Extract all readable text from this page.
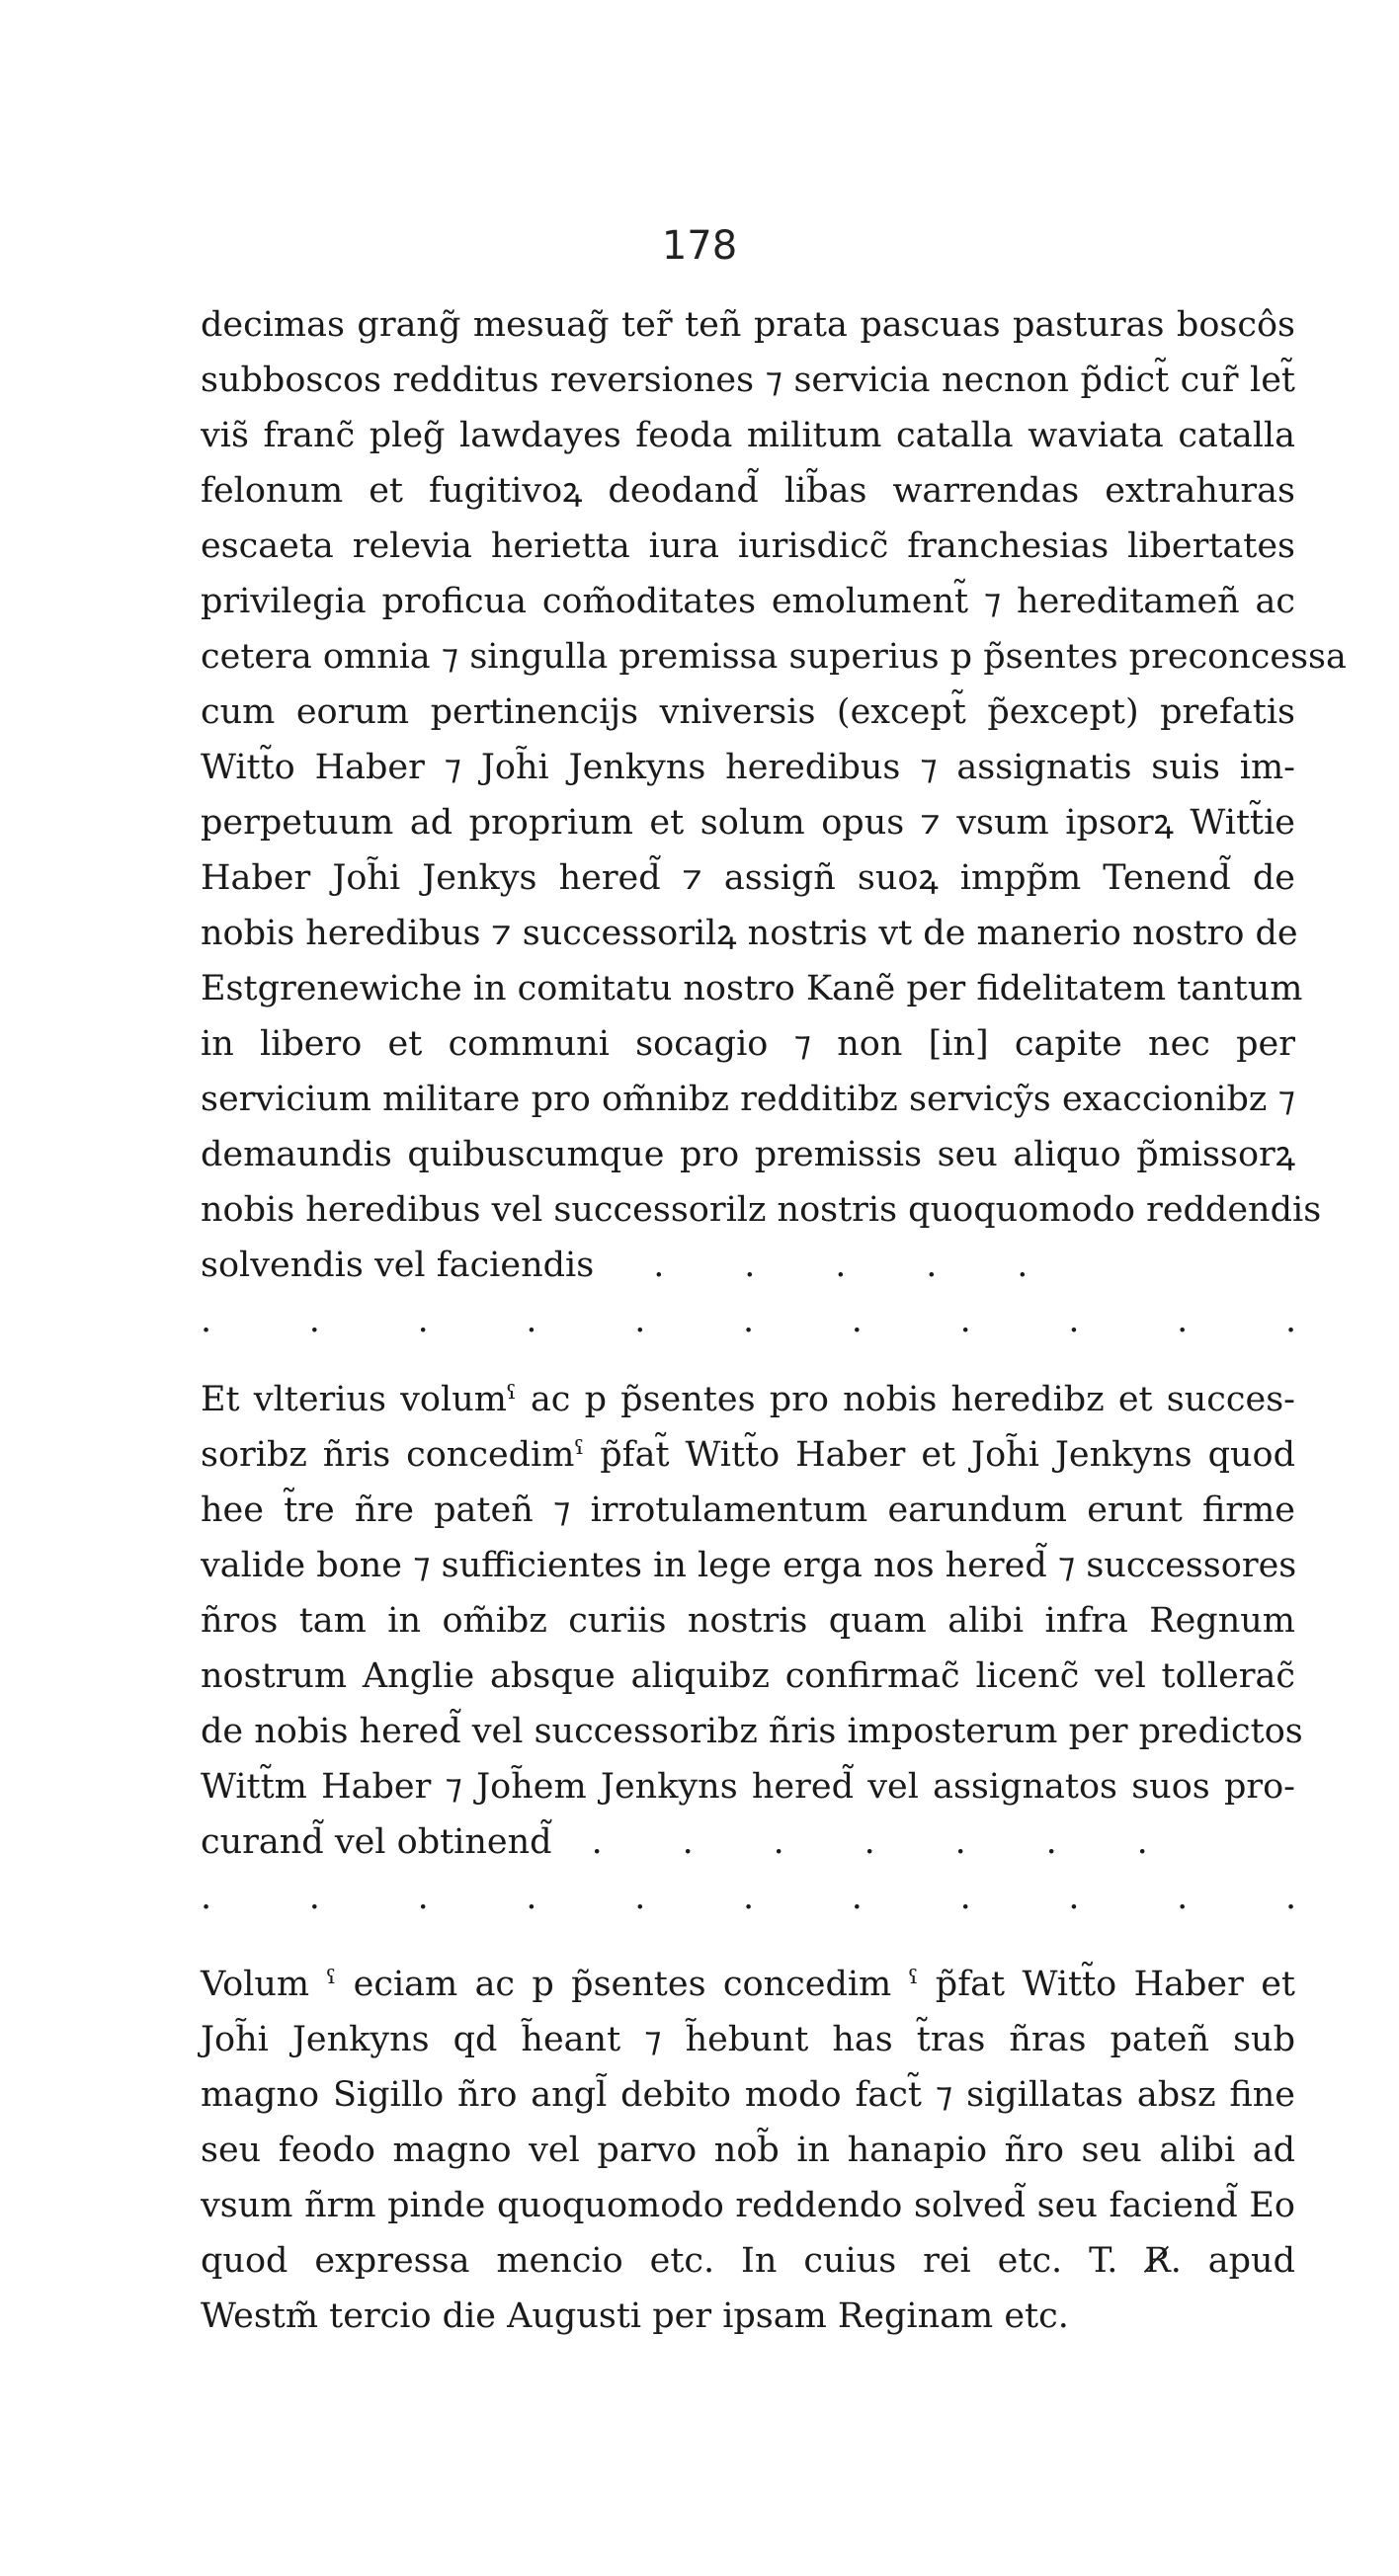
178
decimas grang̃ mesuag̃ ter̃ teñ prata pascuas pasturas boscôs
subboscos redditus reversiones ⁊ servicia necnon p̃dict̃ cur̃ let̃
vis̃ franc̃ pleg̃ lawdayes feoda militum catalla waviata catalla
felonum et fugitivoꝝ deodand̃ lib̃as warrendas extrahuras
escaeta relevia herietta iura iurisdicc̃ franchesias libertates
privilegia proficua com̃oditates emolument̃ ⁊ hereditameñ ac
cetera omnia ⁊ singulla premissa superius p p̃sentes preconcessa
cum eorum pertinencijs vniversis (except̃ p̃except) prefatis
Witt̃o Haber ⁊ Joh̃i Jenkyns heredibus ⁊ assignatis suis im-
perpetuum ad proprium et solum opus ⁊ vsum ipsorꝝ Witt̃ie
Haber Joh̃i Jenkys hered̃ ⁊ assigñ suoꝝ impp̃m Tenend̃ de
nobis heredibus ⁊ successorilꝝ nostris vt de manerio nostro de
Estgrenewiche in comitatu nostro Kanẽ per fidelitatem tantum
in libero et communi socagio ⁊ non [in] capite nec per
servicium militare pro om̃nibz redditibz servicỹs exaccionibz ⁊
demaundis quibuscumque pro premissis seu aliquo p̃missorꝝ
nobis heredibus vel successorilz nostris quoquomodo reddendis
solvendis vel faciendis . . . . .
.	.	.	.	.	.	.	.	.	.	.
Et vlterius volumˤ ac p p̃sentes pro nobis heredibz et succes-
soribz ñris concedimˤ p̃fat̃ Witt̃o Haber et Joh̃i Jenkyns quod
hee t̃re ñre pateñ ⁊ irrotulamentum earundum erunt firme
valide bone ⁊ sufficientes in lege erga nos hered̃ ⁊ successores
ñros tam in om̃ibz curiis nostris quam alibi infra Regnum
nostrum Anglie absque aliquibz confirmac̃ licenc̃ vel tollerac̃
de nobis hered̃ vel successoribz ñris imposterum per predictos
Witt̃m Haber ⁊ Joh̃em Jenkyns hered̃ vel assignatos suos pro-
curand̃ vel obtinend̃ . . . . . . .
.	.	.	.	.	.	.	.	.	.	.
Volum ˤ eciam ac p p̃sentes concedim ˤ p̃fat Witt̃o Haber et
Joh̃i Jenkyns qd h̃eant ⁊ h̃ebunt has t̃ras ñras pateñ sub
magno Sigillo ñro angl̃ debito modo fact̃ ⁊ sigillatas absz fine
seu feodo magno vel parvo nob̃ in hanapio ñro seu alibi ad
vsum ñrm pinde quoquomodo reddendo solved̃ seu faciend̃ Eo
quod expressa mencio etc. In cuius rei etc. T. R̸. apud
Westm̃ tercio die Augusti per ipsam Reginam etc.
